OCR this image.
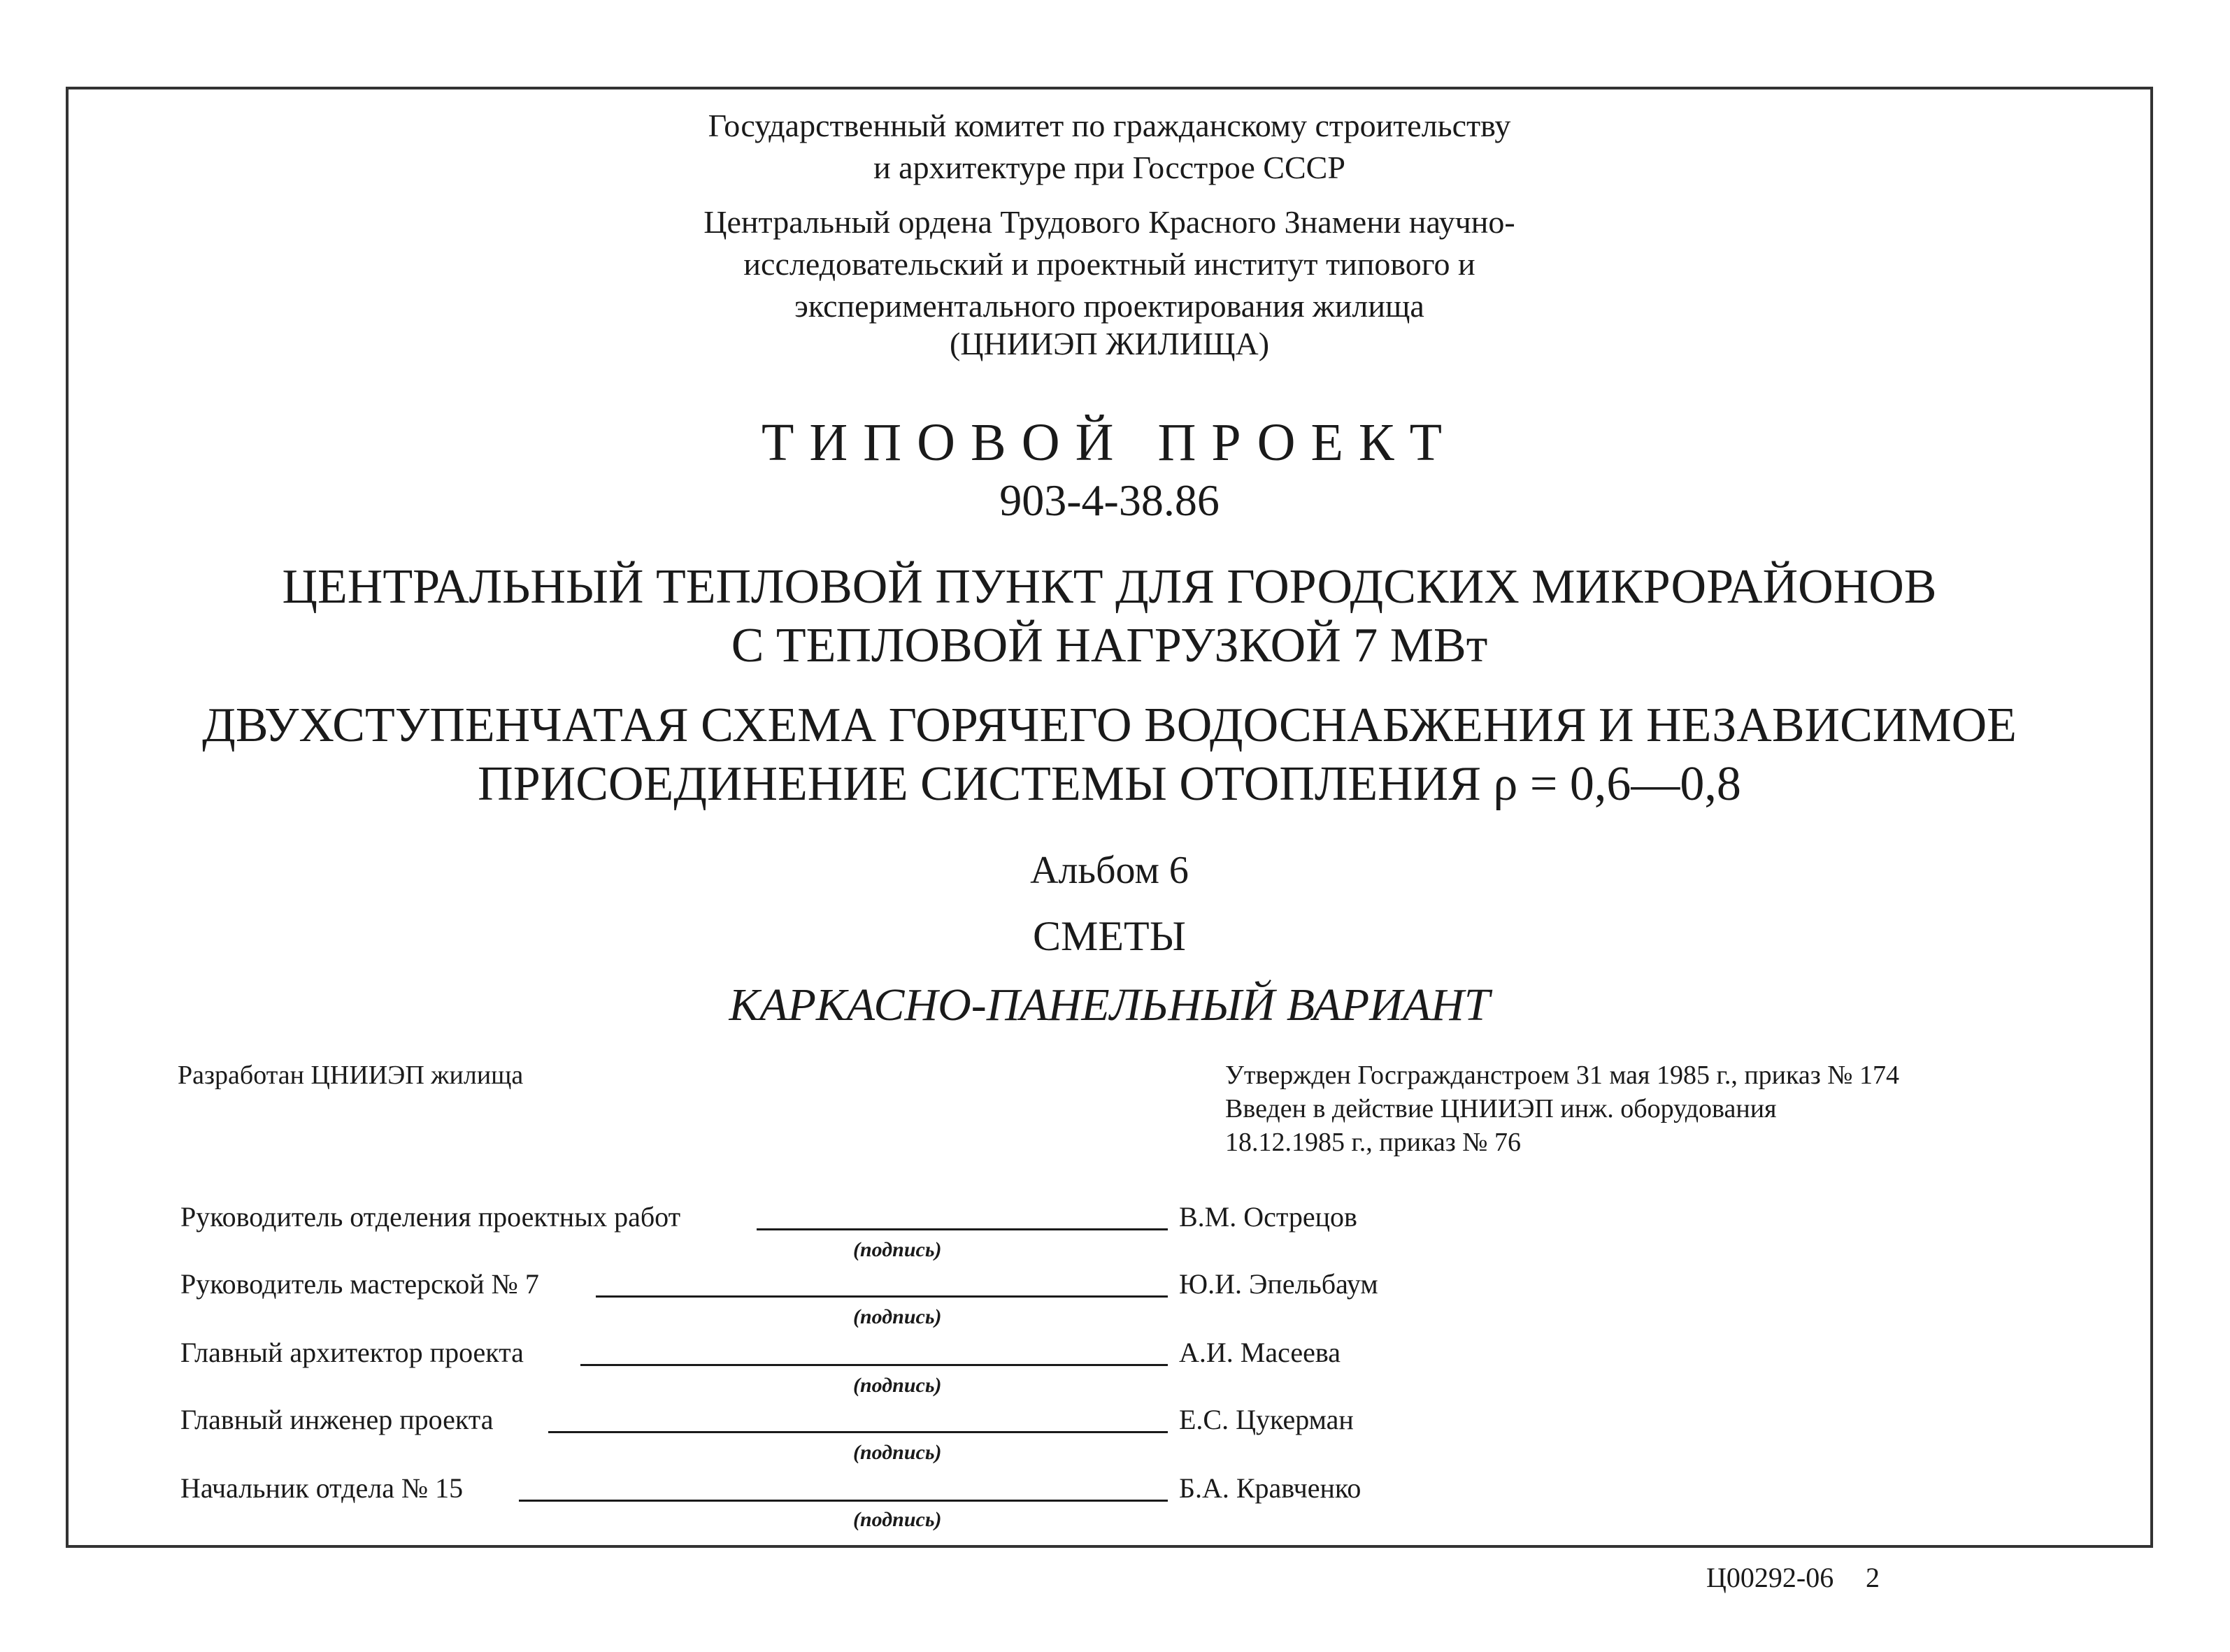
Государственный комитет по гражданскому строительству
и архитектуре при Госстрое СССР
Центральный ордена Трудового Красного Знамени научно-
исследовательский и проектный институт типового и
экспериментального проектирования жилища
(ЦНИИЭП ЖИЛИЩА)
ТИПОВОЙ ПРОЕКТ
903-4-38.86
ЦЕНТРАЛЬНЫЙ ТЕПЛОВОЙ ПУНКТ ДЛЯ ГОРОДСКИХ МИКРОРАЙОНОВ
С ТЕПЛОВОЙ НАГРУЗКОЙ 7 МВт
ДВУХСТУПЕНЧАТАЯ СХЕМА ГОРЯЧЕГО ВОДОСНАБЖЕНИЯ И НЕЗАВИСИМОЕ
ПРИСОЕДИНЕНИЕ СИСТЕМЫ ОТОПЛЕНИЯ ρ = 0,6—0,8
Альбом 6
СМЕТЫ
КАРКАСНО-ПАНЕЛЬНЫЙ ВАРИАНТ
Разработан ЦНИИЭП жилища	Утвержден Госгражданстроем 31 мая 1985 г., приказ № 174
Введен в действие ЦНИИЭП инж. оборудования
18.12.1985 г., приказ № 76
Руководитель отделения проектных работ
(подпись)
В.М. Острецов
Руководитель мастерской № 7
(подпись)
Ю.И. Эпельбаум
Главный архитектор проекта
(подпись)
А.И. Масеева
Главный инженер проекта
(подпись)
Е.С. Цукерман
Начальник отдела № 15
(подпись)
Б.А. Кравченко
Ц00292-06 2
